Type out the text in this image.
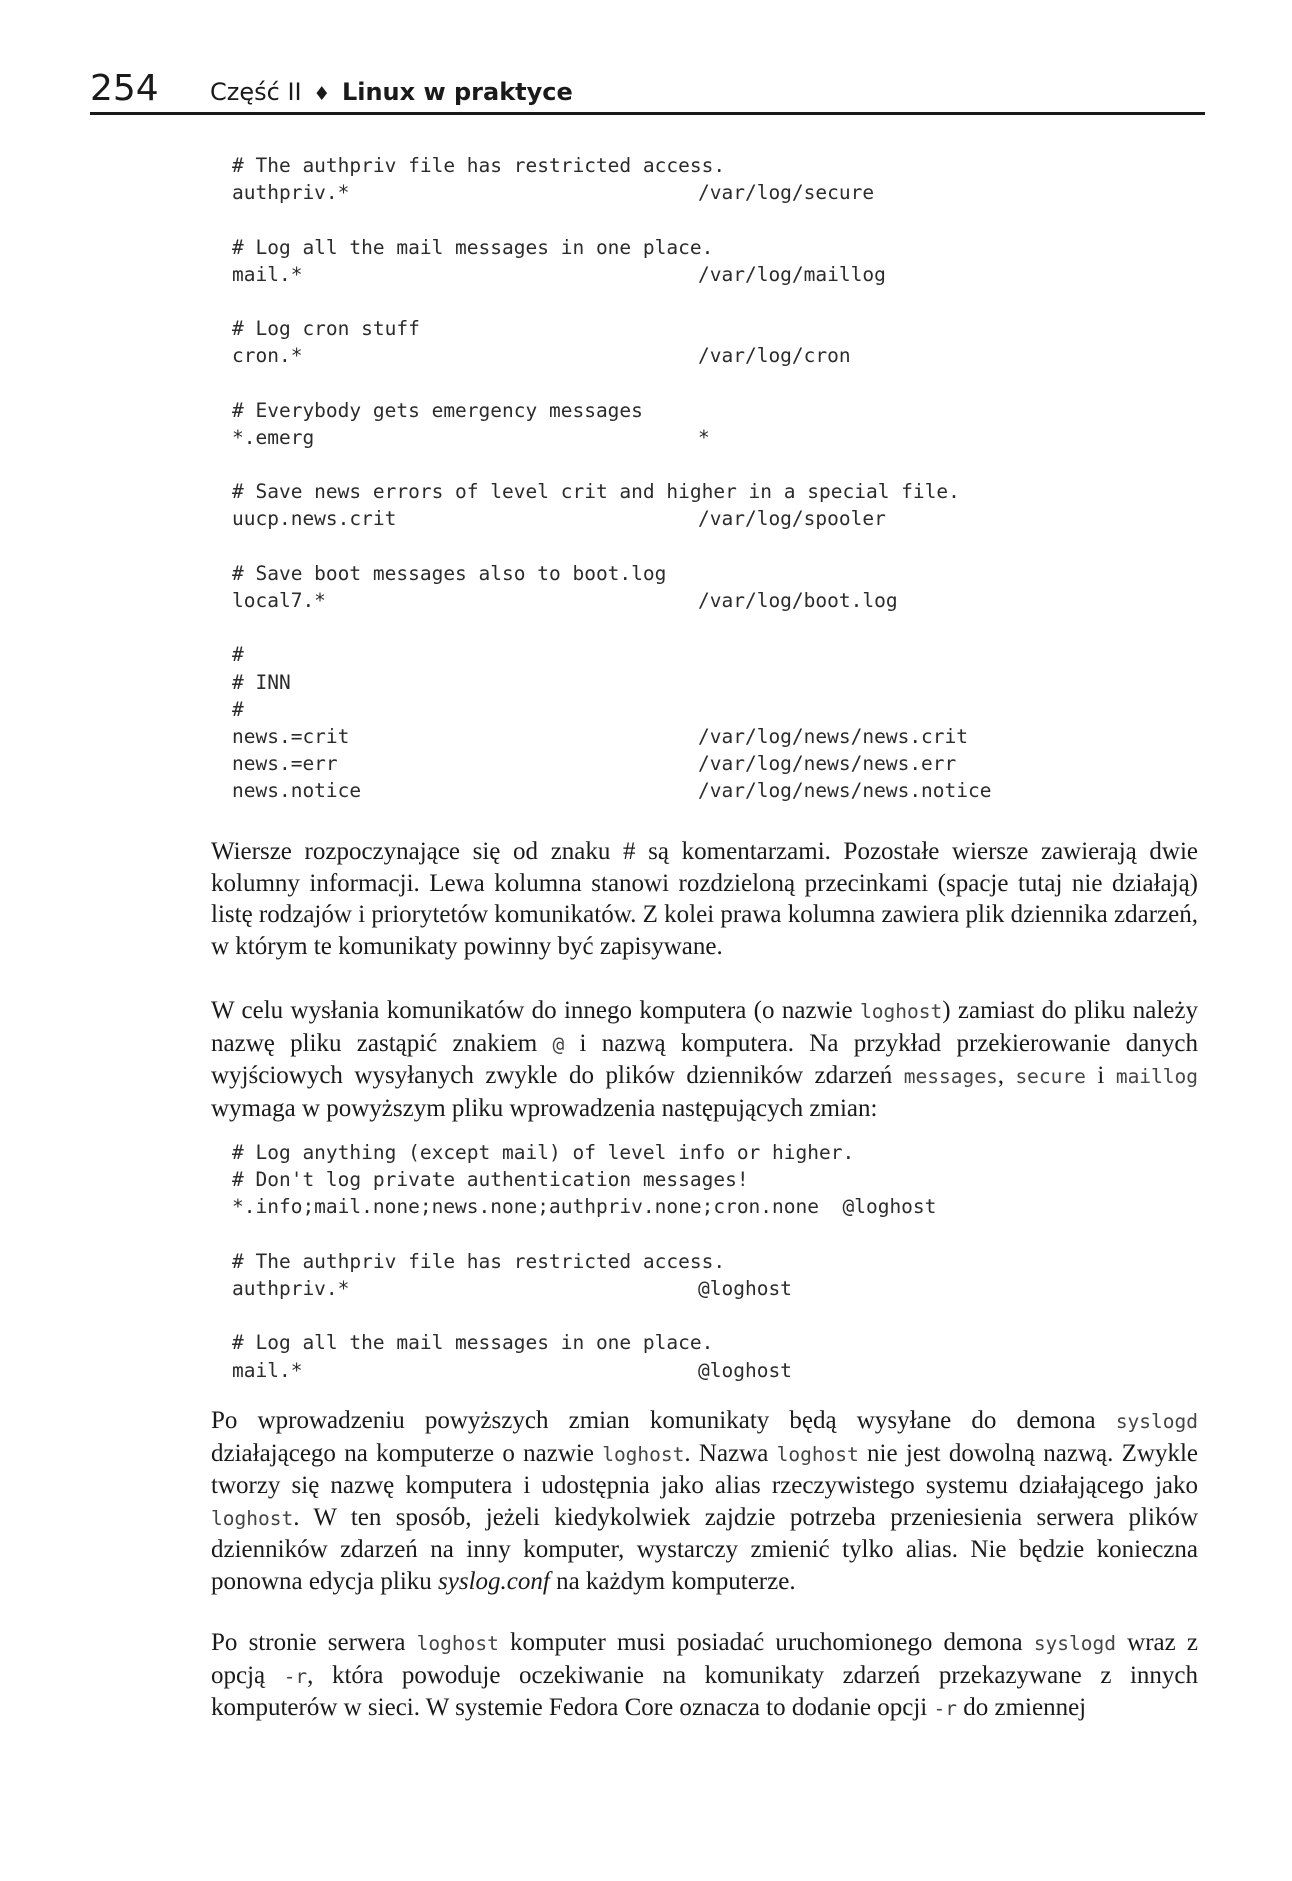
254 Część II ♦ Linux w praktyce
# The authpriv file has restricted access.
authpriv.*	/var/log/secure
# Log all the mail messages in one place.
mail.*	/var/log/maillog
# Log cron stuff
cron.*	/var/log/cron
# Everybody gets emergency messages
*.emerg	*
# Save news errors of level crit and higher in a special file.
uucp.news.crit	/var/log/spooler
# Save boot messages also to boot.log
local7.*	/var/log/boot.log
#
# INN
#
news.=crit	/var/log/news/news.crit
news.=err	/var/log/news/news.err
news.notice	/var/log/news/news.notice
Wiersze rozpoczynające się od znaku # są komentarzami. Pozostałe wiersze zawierają dwie kolumny informacji. Lewa kolumna stanowi rozdzieloną przecinkami (spacje tutaj nie działają) listę rodzajów i priorytetów komunikatów. Z kolei prawa kolumna zawiera plik dziennika zdarzeń, w którym te komunikaty powinny być zapisywane.
W celu wysłania komunikatów do innego komputera (o nazwie loghost) zamiast do pliku należy nazwę pliku zastąpić znakiem @ i nazwą komputera. Na przykład przekierowanie danych wyjściowych wysyłanych zwykle do plików dzienników zdarzeń messages, secure i maillog wymaga w powyższym pliku wprowadzenia następujących zmian:
# Log anything (except mail) of level info or higher.
# Don't log private authentication messages!
*.info;mail.none;news.none;authpriv.none;cron.none  @loghost
# The authpriv file has restricted access.
authpriv.*	@loghost
# Log all the mail messages in one place.
mail.*	@loghost
Po wprowadzeniu powyższych zmian komunikaty będą wysyłane do demona syslogd działającego na komputerze o nazwie loghost. Nazwa loghost nie jest dowolną nazwą. Zwykle tworzy się nazwę komputera i udostępnia jako alias rzeczywistego systemu działającego jako loghost. W ten sposób, jeżeli kiedykolwiek zajdzie potrzeba przeniesienia serwera plików dzienników zdarzeń na inny komputer, wystarczy zmienić tylko alias. Nie będzie konieczna ponowna edycja pliku syslog.conf na każdym komputerze.
Po stronie serwera loghost komputer musi posiadać uruchomionego demona syslogd wraz z opcją -r, która powoduje oczekiwanie na komunikaty zdarzeń przekazywane z innych komputerów w sieci. W systemie Fedora Core oznacza to dodanie opcji -r do zmiennej
